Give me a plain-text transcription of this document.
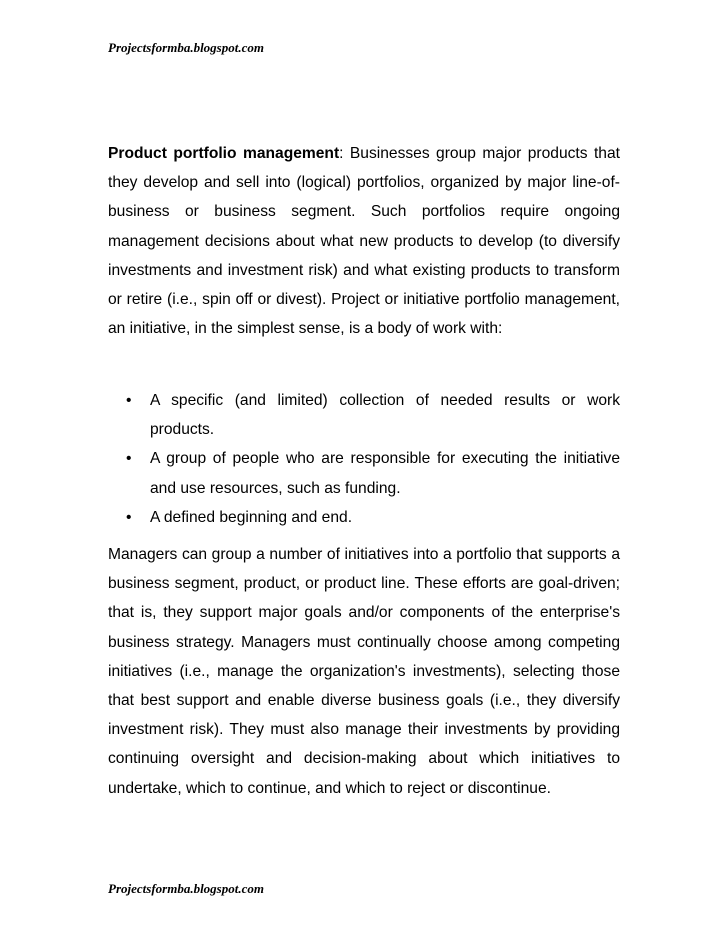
Projectsformba.blogspot.com
Product portfolio management: Businesses group major products that they develop and sell into (logical) portfolios, organized by major line-of-business or business segment. Such portfolios require ongoing management decisions about what new products to develop (to diversify investments and investment risk) and what existing products to transform or retire (i.e., spin off or divest). Project or initiative portfolio management, an initiative, in the simplest sense, is a body of work with:
• A specific (and limited) collection of needed results or work products.
• A group of people who are responsible for executing the initiative and use resources, such as funding.
• A defined beginning and end.
Managers can group a number of initiatives into a portfolio that supports a business segment, product, or product line. These efforts are goal-driven; that is, they support major goals and/or components of the enterprise's business strategy. Managers must continually choose among competing initiatives (i.e., manage the organization's investments), selecting those that best support and enable diverse business goals (i.e., they diversify investment risk). They must also manage their investments by providing continuing oversight and decision-making about which initiatives to undertake, which to continue, and which to reject or discontinue.
Projectsformba.blogspot.com
